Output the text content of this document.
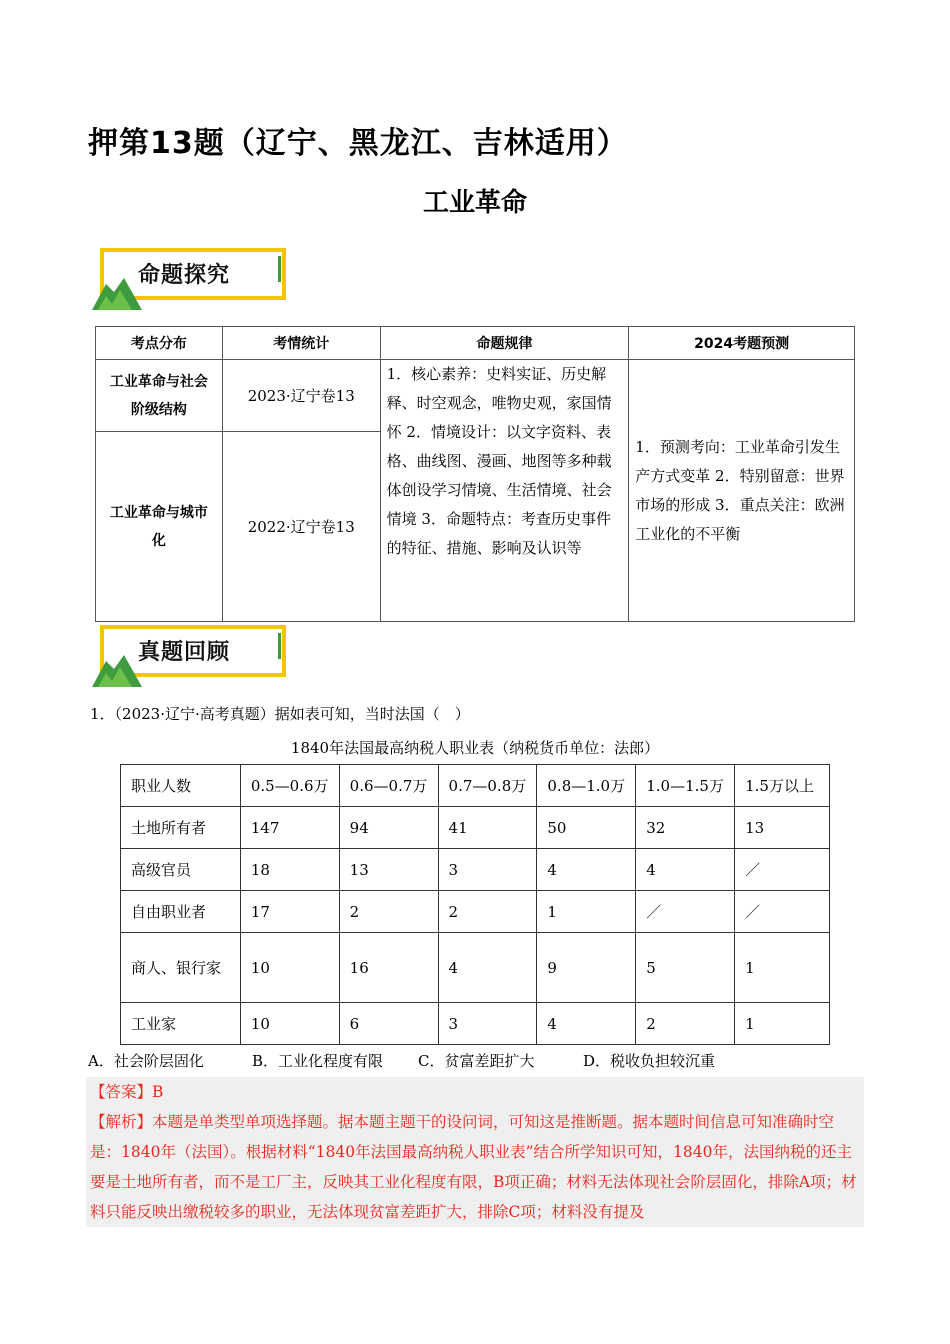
押第13题（辽宁、黑龙江、吉林适用）
工业革命
命题探究
考点分布	考情统计	命题规律	2024考题预测
工业革命与社会阶级结构	2023·辽宁卷13	1．核心素养：史料实证、历史解释、时空观念，唯物史观，家国情怀 2．情境设计：以文字资料、表格、曲线图、漫画、地图等多种载体创设学习情境、生活情境、社会情境 3．命题特点：考查历史事件的特征、措施、影响及认识等	1．预测考向：工业革命引发生产方式变革 2．特别留意：世界市场的形成 3．重点关注：欧洲工业化的不平衡
工业革命与城市化	2022·辽宁卷13		
真题回顾
1．（2023·辽宁·高考真题）据如表可知，当时法国（　）
1840年法国最高纳税人职业表（纳税货币单位：法郎）
职业人数	0.5—0.6万	0.6—0.7万	0.7—0.8万	0.8—1.0万	1.0—1.5万	1.5万以上
土地所有者	147	94	41	50	32	13
高级官员	18	13	3	4	4	／
自由职业者	17	2	2	1	／	／
商人、银行家	10	16	4	9	5	1
工业家	10	6	3	4	2	1
A．社会阶层固化	B．工业化程度有限 C．贫富差距扩大	D．税收负担较沉重
【答案】B
【解析】本题是单类型单项选择题。据本题主题干的设问词，可知这是推断题。据本题时间信息可知准确时空是：1840年（法国）。根据材料“1840年法国最高纳税人职业表”结合所学知识可知，1840年，法国纳税的还主要是土地所有者，而不是工厂主，反映其工业化程度有限，B项正确；材料无法体现社会阶层固化，排除A项；材料只能反映出缴税较多的职业，无法体现贫富差距扩大，排除C项；材料没有提及
